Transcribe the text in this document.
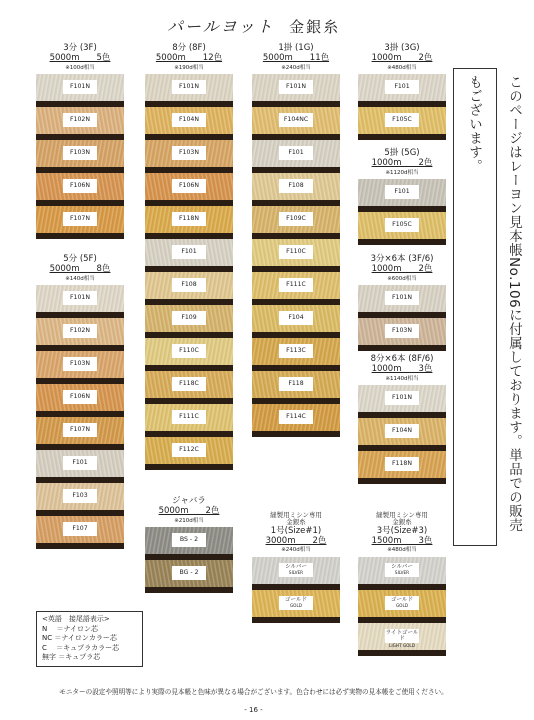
パールヨット 金銀糸
3分 (3F)
5000m　　5色
※100d相当
F101N
F102N
F103N
F106N
F107N
5分 (5F)
5000m　　8色
※140d相当
F101N
F102N
F103N
F106N
F107N
F101
F103
F107
8分 (8F)
5000m　　12色
※190d相当
F101N
F104N
F103N
F106N
F118N
F101
F108
F109
F110C
F118C
F111C
F112C
ジャバラ
5000m　　2色
※210d相当
BS - 2
BG - 2
1掛 (1G)
5000m　　11色
※240d相当
F101N
F104NC
F101
F108
F109C
F110C
F111C
F104
F113C
F118
F114C
縫製用ミシン専用
金銀糸
1号(Size#1)
3000m　　2色
※240d相当
シルバー
SILVER
ゴールド
GOLD
3掛 (3G)
1000m　　2色
※480d相当
F101
F105C
5掛 (5G)
1000m　　2色
※1120d相当
F101
F105C
3分×6本 (3F/6)
1000m　　2色
※600d相当
F101N
F103N
8分×6本 (8F/6)
1000m　　3色
※1140d相当
F101N
F104N
F118N
縫製用ミシン専用
金銀糸
3号(Size#3)
1500m　　3色
※480d相当
シルバー
SILVER
ゴールド
GOLD
ライトゴールド
LIGHT GOLD
<英語　接尾語表示>
N　 ＝ナイロン芯
NC ＝ナイロンカラー芯
C　 ＝キュプラカラー芯
無字 ＝キュプラ芯
このページはレーヨン見本帳No.106に付属しております。単品での販売もございます。
モニターの設定や照明等により実際の見本帳と色味が異なる場合がございます。色合わせには必ず実物の見本帳をご使用ください。
- 16 -
